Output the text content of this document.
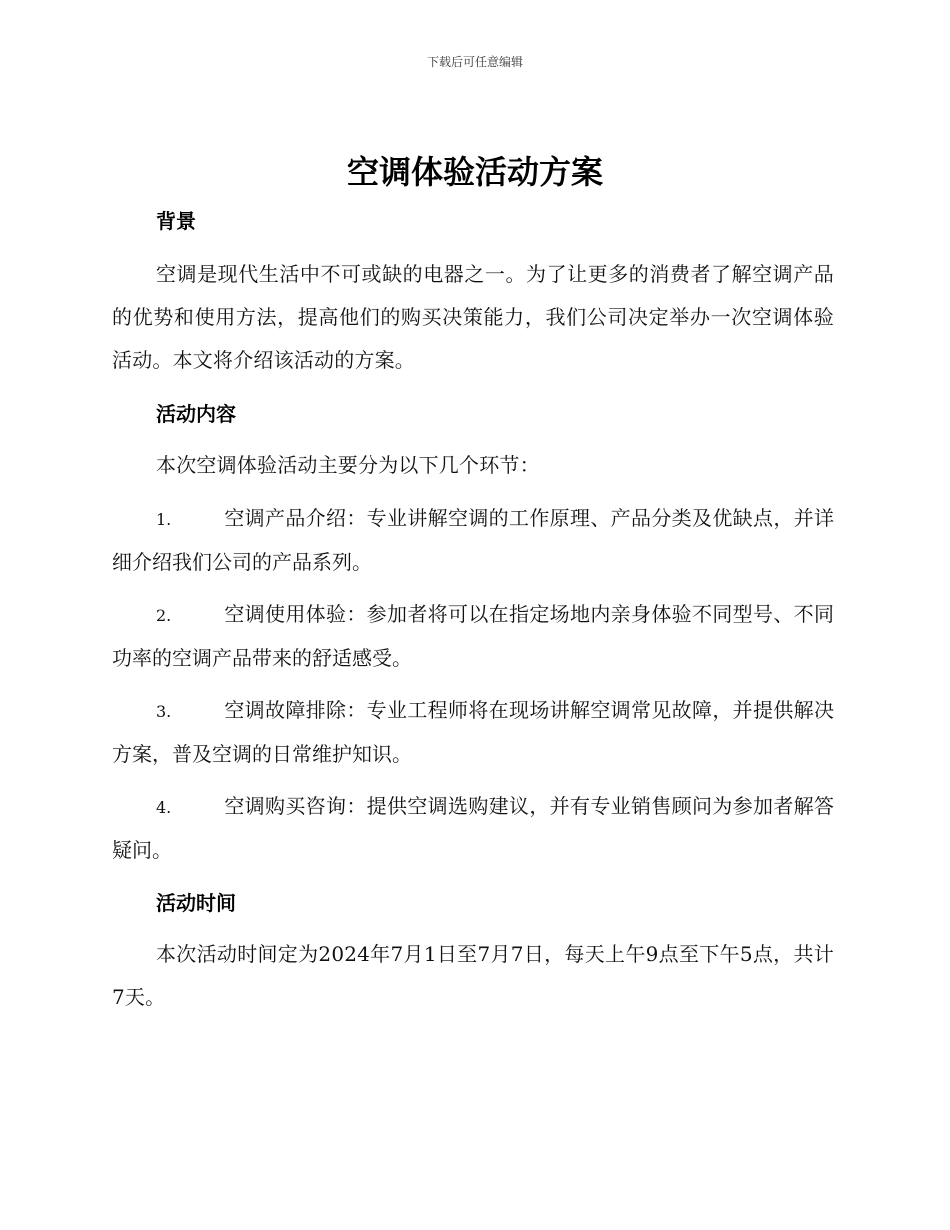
下载后可任意编辑
空调体验活动方案
背景

空调是现代生活中不可或缺的电器之一。为了让更多的消费者了解空调产品的优势和使用方法，提高他们的购买决策能力，我们公司决定举办一次空调体验活动。本文将介绍该活动的方案。

活动内容

本次空调体验活动主要分为以下几个环节：

1.	空调产品介绍：专业讲解空调的工作原理、产品分类及优缺点，并详细介绍我们公司的产品系列。
2.	空调使用体验：参加者将可以在指定场地内亲身体验不同型号、不同功率的空调产品带来的舒适感受。
3.	空调故障排除：专业工程师将在现场讲解空调常见故障，并提供解决方案，普及空调的日常维护知识。
4.	空调购买咨询：提供空调选购建议，并有专业销售顾问为参加者解答疑问。
活动时间

本次活动时间定为2024年7月1日至7月7日，每天上午9点至下午5点，共计7天。
